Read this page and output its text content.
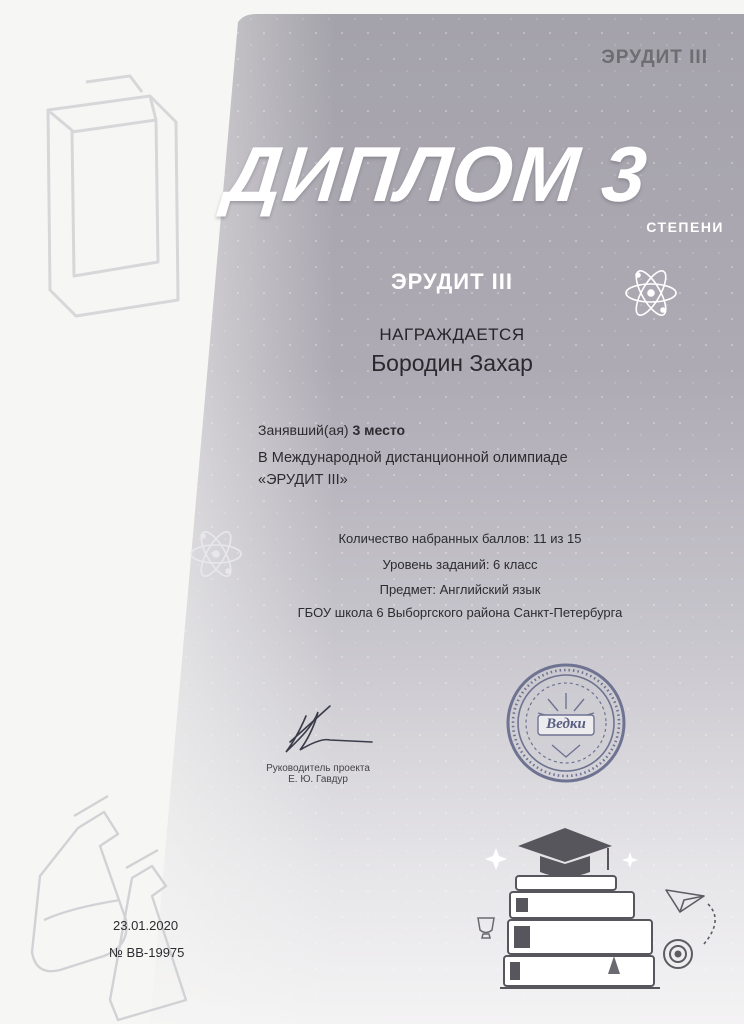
ЭРУДИТ III
ДИПЛОМ 3
СТЕПЕНИ
ЭРУДИТ III
НАГРАЖДАЕТСЯ
Бородин Захар
Занявший(ая) 3 место
В Международной дистанционной олимпиаде
«ЭРУДИТ III»
Количество набранных баллов: 11 из 15
Уровень заданий: 6 класс
Предмет: Английский язык
ГБОУ школа 6 Выборгского района Санкт-Петербурга
Руководитель проекта
Е. Ю. Гавдур
Ведки
23.01.2020
№ ВВ-19975
